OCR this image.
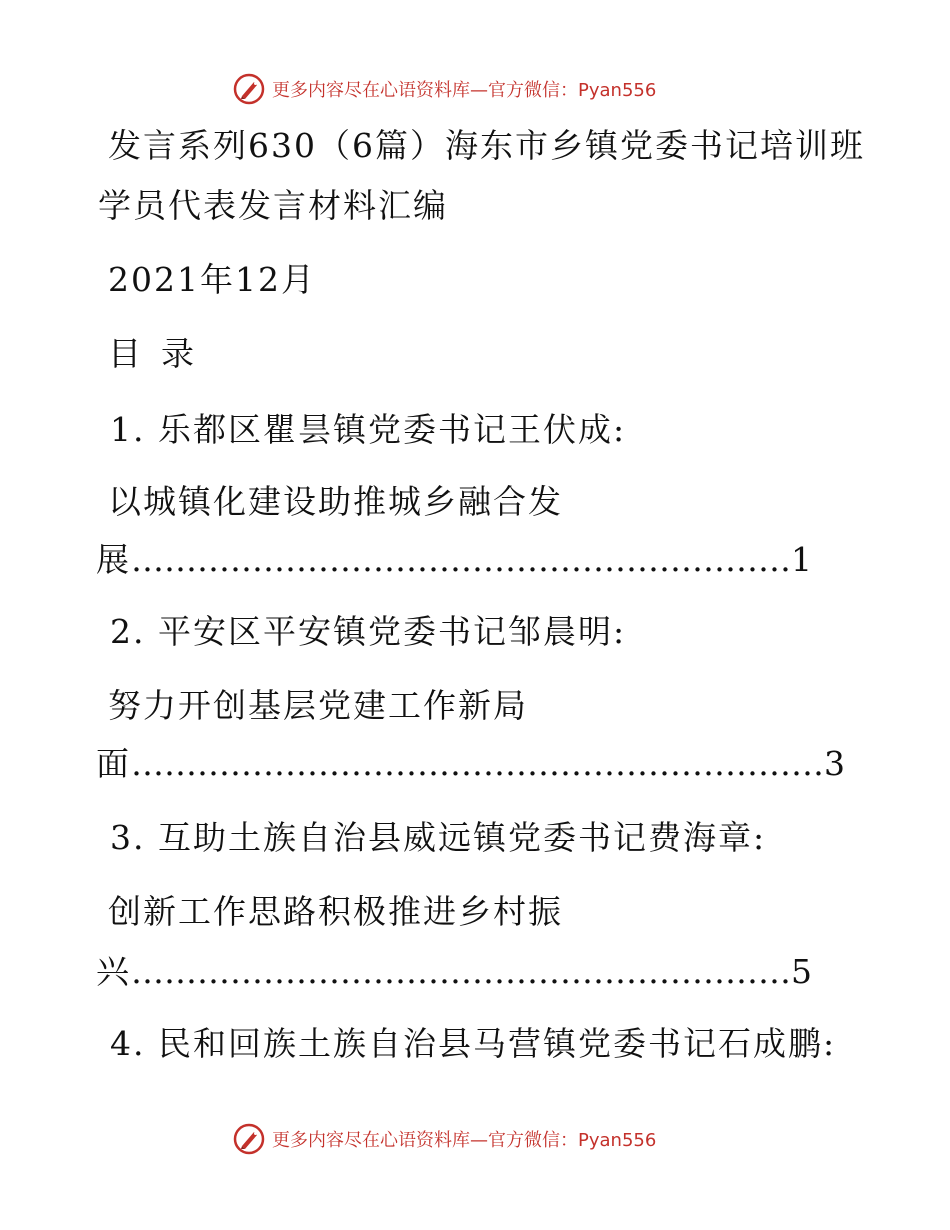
更多内容尽在心语资料库—官方微信：Pyan556
发言系列630（6篇）海东市乡镇党委书记培训班
学员代表发言材料汇编
2021年12月
目 录
1. 乐都区瞿昙镇党委书记王伏成:
以城镇化建设助推城乡融合发
展……………………………………………………1
2. 平安区平安镇党委书记邹晨明:
努力开创基层党建工作新局
面………………………………………………………3
3. 互助土族自治县威远镇党委书记费海章:
创新工作思路积极推进乡村振
兴……………………………………………………5
4. 民和回族土族自治县马营镇党委书记石成鹏:
更多内容尽在心语资料库—官方微信：Pyan556
